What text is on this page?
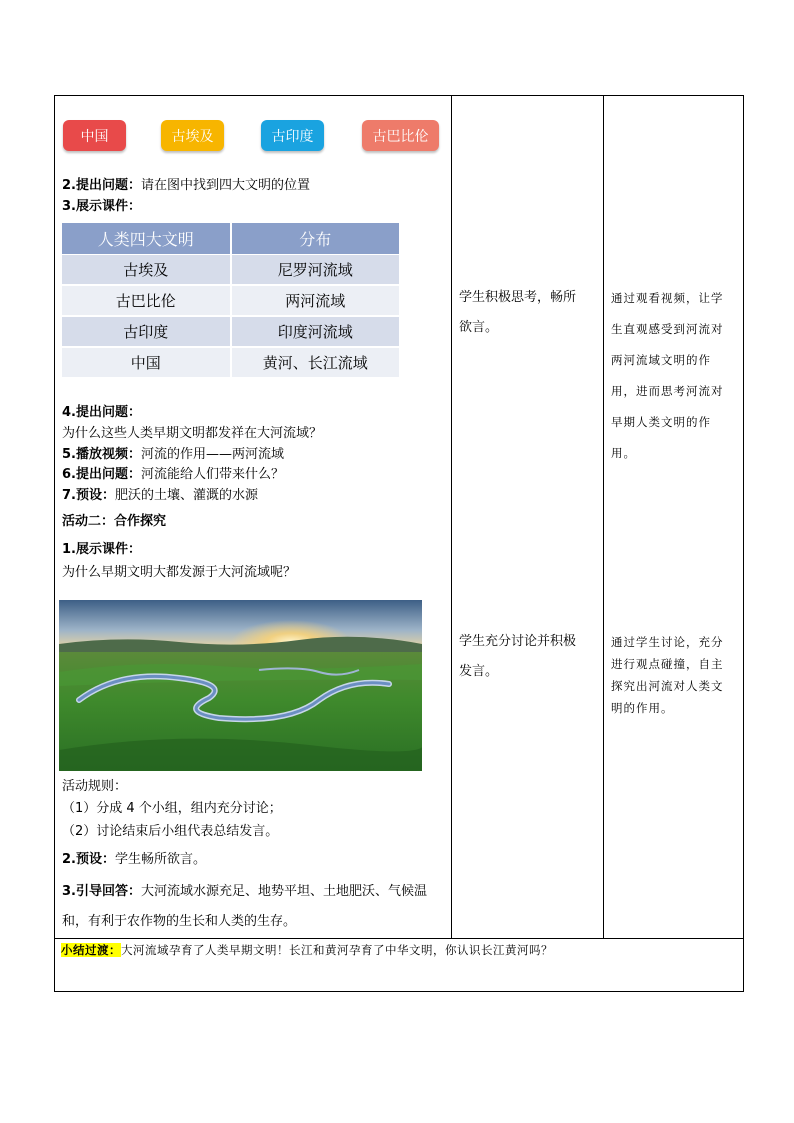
中国	古埃及	古印度	古巴比伦
2.提出问题：请在图中找到四大文明的位置
3.展示课件：
人类四大文明	分布
古埃及	尼罗河流域
古巴比伦	两河流域
古印度	印度河流域
中国	黄河、长江流域
4.提出问题：
为什么这些人类早期文明都发祥在大河流域？
5.播放视频：河流的作用——两河流域
6.提出问题：河流能给人们带来什么？
7.预设：肥沃的土壤、灌溉的水源
活动二：合作探究
1.展示课件：
为什么早期文明大都发源于大河流域呢？
活动规则：
（1）分成 4 个小组，组内充分讨论；
（2）讨论结束后小组代表总结发言。
2.预设：学生畅所欲言。
3.引导回答：大河流域水源充足、地势平坦、土地肥沃、气候温
和，有利于农作物的生长和人类的生存。
学生积极思考，畅所
欲言。
学生充分讨论并积极
发言。
通过观看视频，让学
生直观感受到河流对
两河流域文明的作
用，进而思考河流对
早期人类文明的作
用。
通过学生讨论，充分
进行观点碰撞，自主
探究出河流对人类文
明的作用。
小结过渡：大河流域孕育了人类早期文明！长江和黄河孕育了中华文明，你认识长江黄河吗？
